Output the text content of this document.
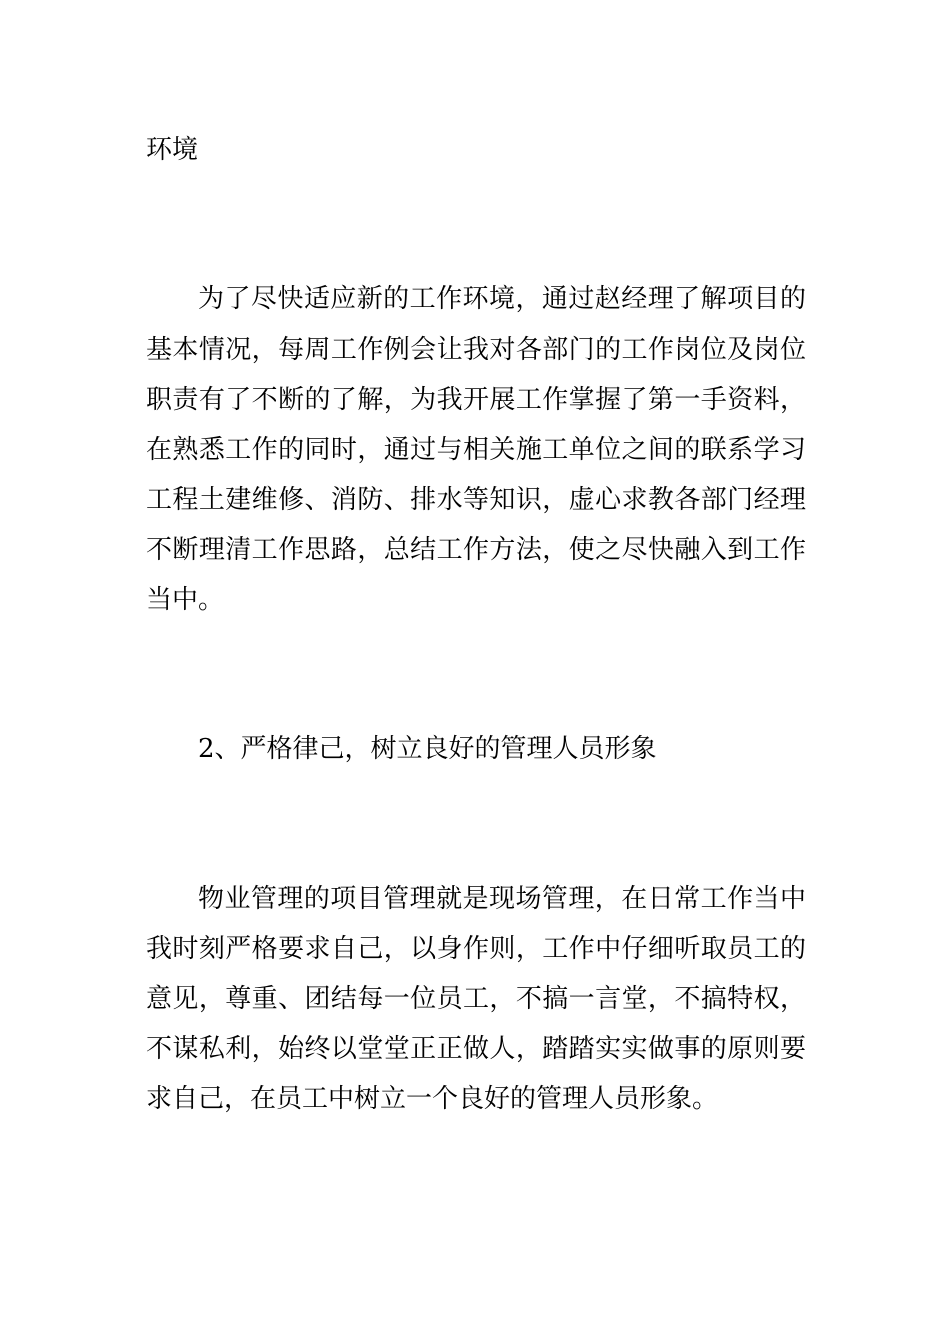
环境
为了尽快适应新的工作环境，通过赵经理了解项目的
基本情况，每周工作例会让我对各部门的工作岗位及岗位
职责有了不断的了解，为我开展工作掌握了第一手资料，
在熟悉工作的同时，通过与相关施工单位之间的联系学习
工程土建维修、消防、排水等知识，虚心求教各部门经理
不断理清工作思路，总结工作方法，使之尽快融入到工作
当中。
2、严格律己，树立良好的管理人员形象
物业管理的项目管理就是现场管理，在日常工作当中
我时刻严格要求自己，以身作则，工作中仔细听取员工的
意见，尊重、团结每一位员工，不搞一言堂，不搞特权，
不谋私利，始终以堂堂正正做人，踏踏实实做事的原则要
求自己，在员工中树立一个良好的管理人员形象。
